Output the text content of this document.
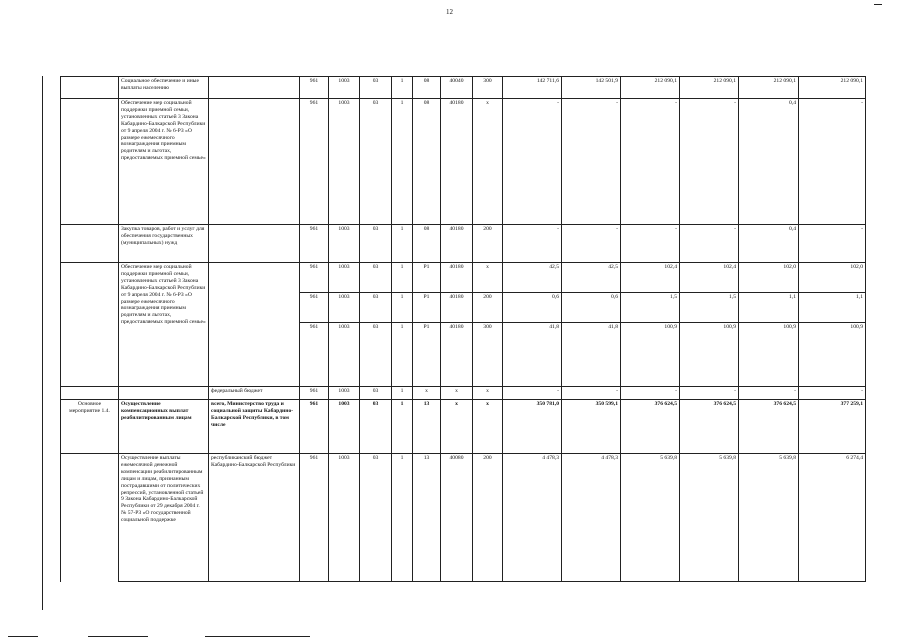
12
	Социальное обеспечение и иные выплаты населению		961	1003	03	1	08	40040	300	142 711,6	142 501,9	212 090,1	212 090,1	212 090,1	212 090,1
	Обеспечение мер социальной поддержки приемной семьи, установленных статьей 3 Закона Кабардино-Балкарской Республики от 9 апреля 2004 г. № 6-РЗ «О размере ежемесячного вознаграждения приемным родителям и льготах, предоставляемых приемной семье»		961	1003	03	1	08	40180	х	-	-	-	-	0,4	-
	Закупка товаров, работ и услуг для обеспечения государственных (муниципальных) нужд		961	1003	03	1	08	40180	200	-	-	-	-	0,4	-
	Обеспечение мер социальной поддержки приемной семьи, установленных статьей 3 Закона Кабардино-Балкарской Республики от 9 апреля 2004 г. № 6-РЗ «О размере ежемесячного вознаграждения приемным родителям и льготах, предоставляемых приемной семье»		961	1003	03	1	P1	40180	х	42,5	42,5	102,4	102,4	102,0	102,0
			961	1003	03	1	P1	40180	200	0,6	0,6	1,5	1,5	1,1	1,1
			961	1003	03	1	P1	40180	300	41,8	41,8	100,9	100,9	100,9	100,9
		федеральный бюджет	961	1003	03	1	х	х	х	-	-	-	-	-	-
Основное мероприятие 1.4.	Осуществление компенсационных выплат реабилитированным лицам	всего, Министерство труда и социальной защиты Кабардино-Балкарской Республики, в том числе	961	1003	03	1	13	х	х	350 781,0	350 599,1	376 624,5	376 624,5	376 624,5	377 259,1
	Осуществление выплаты ежемесячной денежной компенсации реабилитированным лицам и лицам, признанным пострадавшими от политических репрессий, установленной статьей 9 Закона Кабардино-Балкарской Республики от 29 декабря 2004 г. № 57-РЗ «О государственной социальной поддержке	республиканский бюджет Кабардино-Балкарской Республики	961	1003	03	1	13	40080	200	4 478,3	4 478,3	5 639,8	5 639,8	5 639,8	6 274,4
